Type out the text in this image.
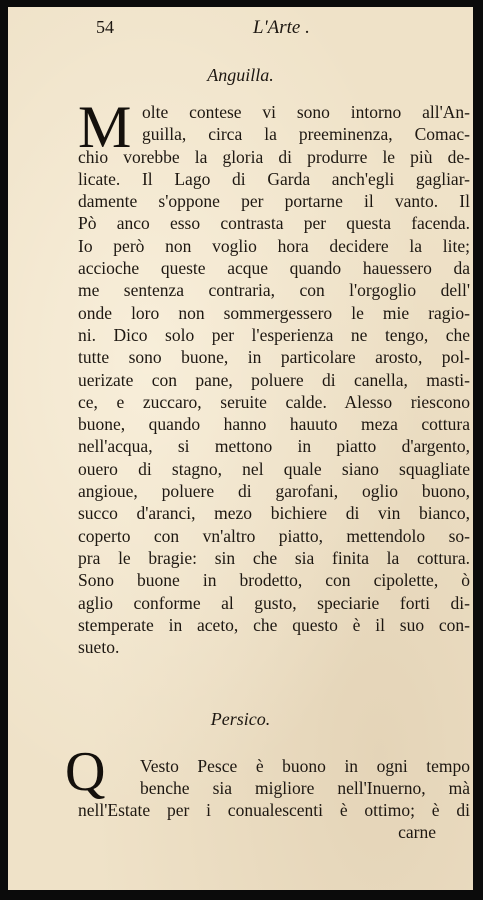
54	L'Arte .
Anguilla.
M olte contese vi sono intorno all'An-
guilla, circa la preeminenza, Comac-
chio vorebbe la gloria di produrre le più de-
licate. Il Lago di Garda anch'egli gagliar-
damente s'oppone per portarne il vanto. Il
Pò anco esso contrasta per questa facenda.
Io però non voglio hora decidere la lite;
accioche queste acque quando hauessero da
me sentenza contraria, con l'orgoglio dell'
onde loro non sommergessero le mie ragio-
ni. Dico solo per l'esperienza ne tengo, che
tutte sono buone, in particolare arosto, pol-
uerizate con pane, poluere di canella, masti-
ce, e zuccaro, seruite calde. Alesso riescono
buone, quando hanno hauuto meza cottura
nell'acqua, si mettono in piatto d'argento,
ouero di stagno, nel quale siano squagliate
angioue, poluere di garofani, oglio buono,
succo d'aranci, mezo bichiere di vin bianco,
coperto con vn'altro piatto, mettendolo so-
pra le bragie: sin che sia finita la cottura.
Sono buone in brodetto, con cipolette, ò
aglio conforme al gusto, speciarie forti di-
stemperate in aceto, che questo è il suo con-
sueto.
Persico.
Q	Vesto Pesce è buono in ogni tempo
benche sia migliore nell'Inuerno, mà
nell'Estate per i conualescenti è ottimo; è di
carne
